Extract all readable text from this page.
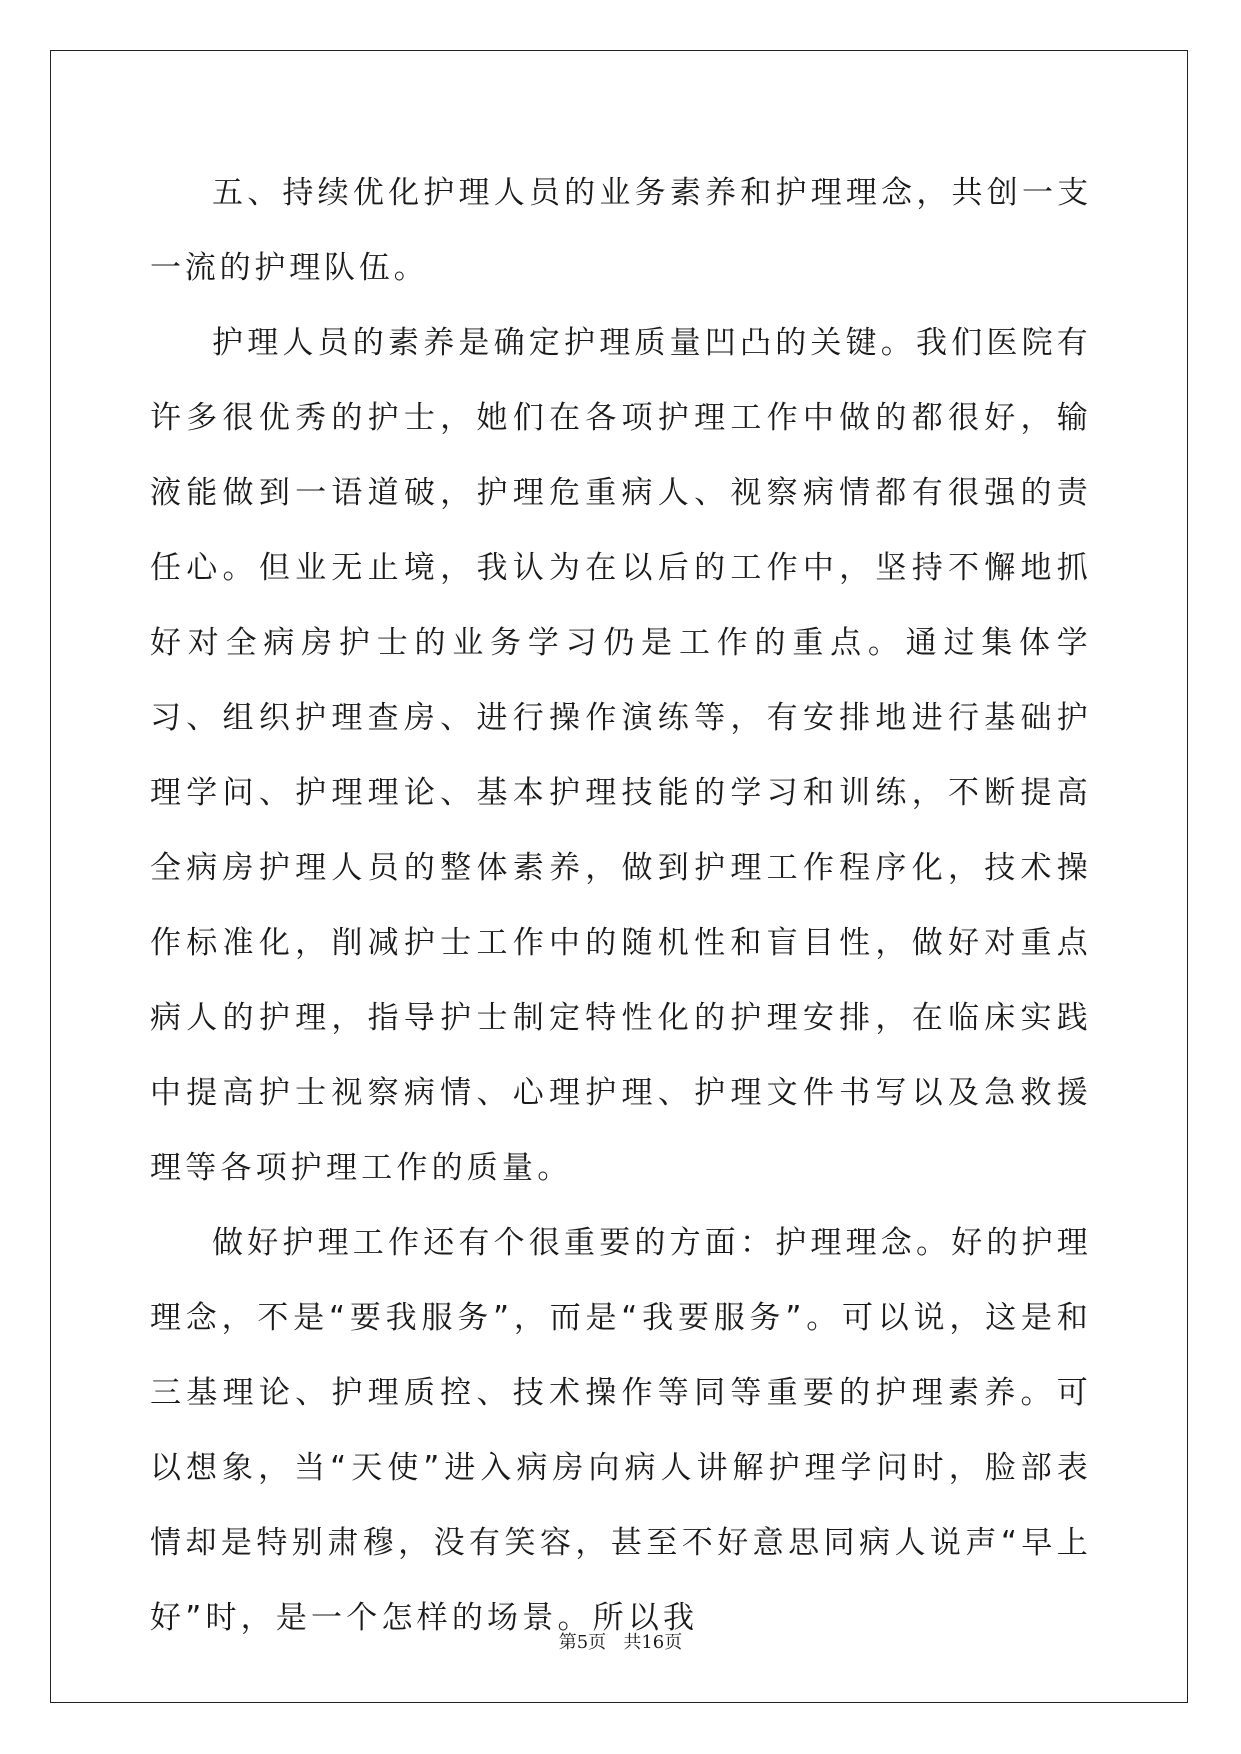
五、持续优化护理人员的业务素养和护理理念，共创一支一流的护理队伍。

护理人员的素养是确定护理质量凹凸的关键。我们医院有许多很优秀的护士，她们在各项护理工作中做的都很好，输液能做到一语道破，护理危重病人、视察病情都有很强的责任心。但业无止境，我认为在以后的工作中，坚持不懈地抓好对全病房护士的业务学习仍是工作的重点。通过集体学习、组织护理查房、进行操作演练等，有安排地进行基础护理学问、护理理论、基本护理技能的学习和训练，不断提高全病房护理人员的整体素养，做到护理工作程序化，技术操作标准化，削减护士工作中的随机性和盲目性，做好对重点病人的护理，指导护士制定特性化的护理安排，在临床实践中提高护士视察病情、心理护理、护理文件书写以及急救援理等各项护理工作的质量。

做好护理工作还有个很重要的方面：护理理念。好的护理理念，不是“要我服务”，而是“我要服务”。可以说，这是和三基理论、护理质控、技术操作等同等重要的护理素养。可以想象，当“天使”进入病房向病人讲解护理学问时，脸部表情却是特别肃穆，没有笑容，甚至不好意思同病人说声“早上好”时，是一个怎样的场景。所以我

第5页 共16页
